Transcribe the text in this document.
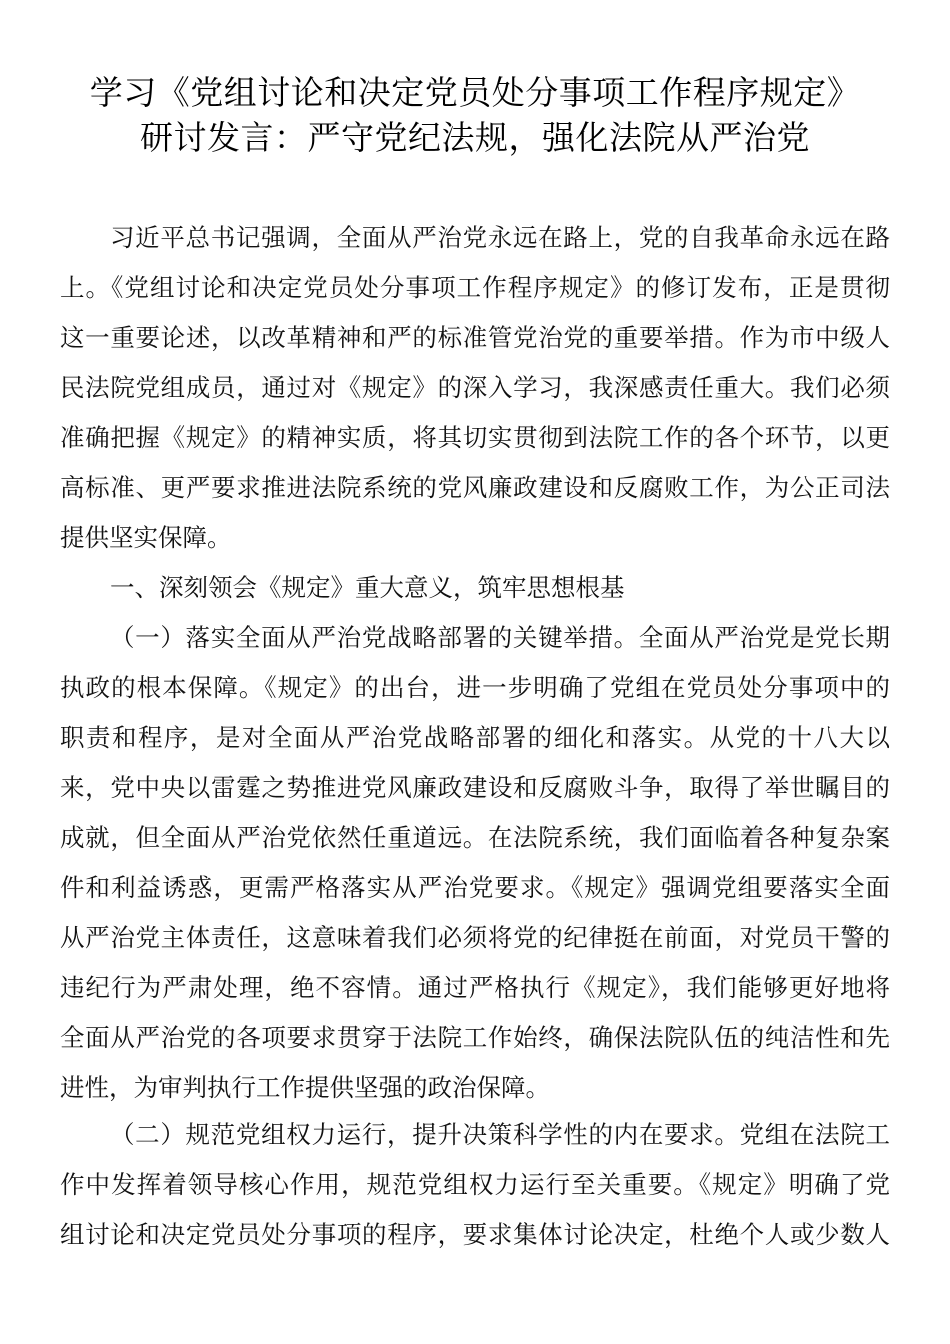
学习《党组讨论和决定党员处分事项工作程序规定》
研讨发言：严守党纪法规，强化法院从严治党
习近平总书记强调，全面从严治党永远在路上，党的自我革命永远在路
上。《党组讨论和决定党员处分事项工作程序规定》的修订发布，正是贯彻
这一重要论述，以改革精神和严的标准管党治党的重要举措。作为市中级人
民法院党组成员，通过对《规定》的深入学习，我深感责任重大。我们必须
准确把握《规定》的精神实质，将其切实贯彻到法院工作的各个环节，以更
高标准、更严要求推进法院系统的党风廉政建设和反腐败工作，为公正司法
提供坚实保障。
一、深刻领会《规定》重大意义，筑牢思想根基
（一）落实全面从严治党战略部署的关键举措。全面从严治党是党长期
执政的根本保障。《规定》的出台，进一步明确了党组在党员处分事项中的
职责和程序，是对全面从严治党战略部署的细化和落实。从党的十八大以
来，党中央以雷霆之势推进党风廉政建设和反腐败斗争，取得了举世瞩目的
成就，但全面从严治党依然任重道远。在法院系统，我们面临着各种复杂案
件和利益诱惑，更需严格落实从严治党要求。《规定》强调党组要落实全面
从严治党主体责任，这意味着我们必须将党的纪律挺在前面，对党员干警的
违纪行为严肃处理，绝不容情。通过严格执行《规定》，我们能够更好地将
全面从严治党的各项要求贯穿于法院工作始终，确保法院队伍的纯洁性和先
进性，为审判执行工作提供坚强的政治保障。
（二）规范党组权力运行，提升决策科学性的内在要求。党组在法院工
作中发挥着领导核心作用，规范党组权力运行至关重要。《规定》明确了党
组讨论和决定党员处分事项的程序，要求集体讨论决定，杜绝个人或少数人
